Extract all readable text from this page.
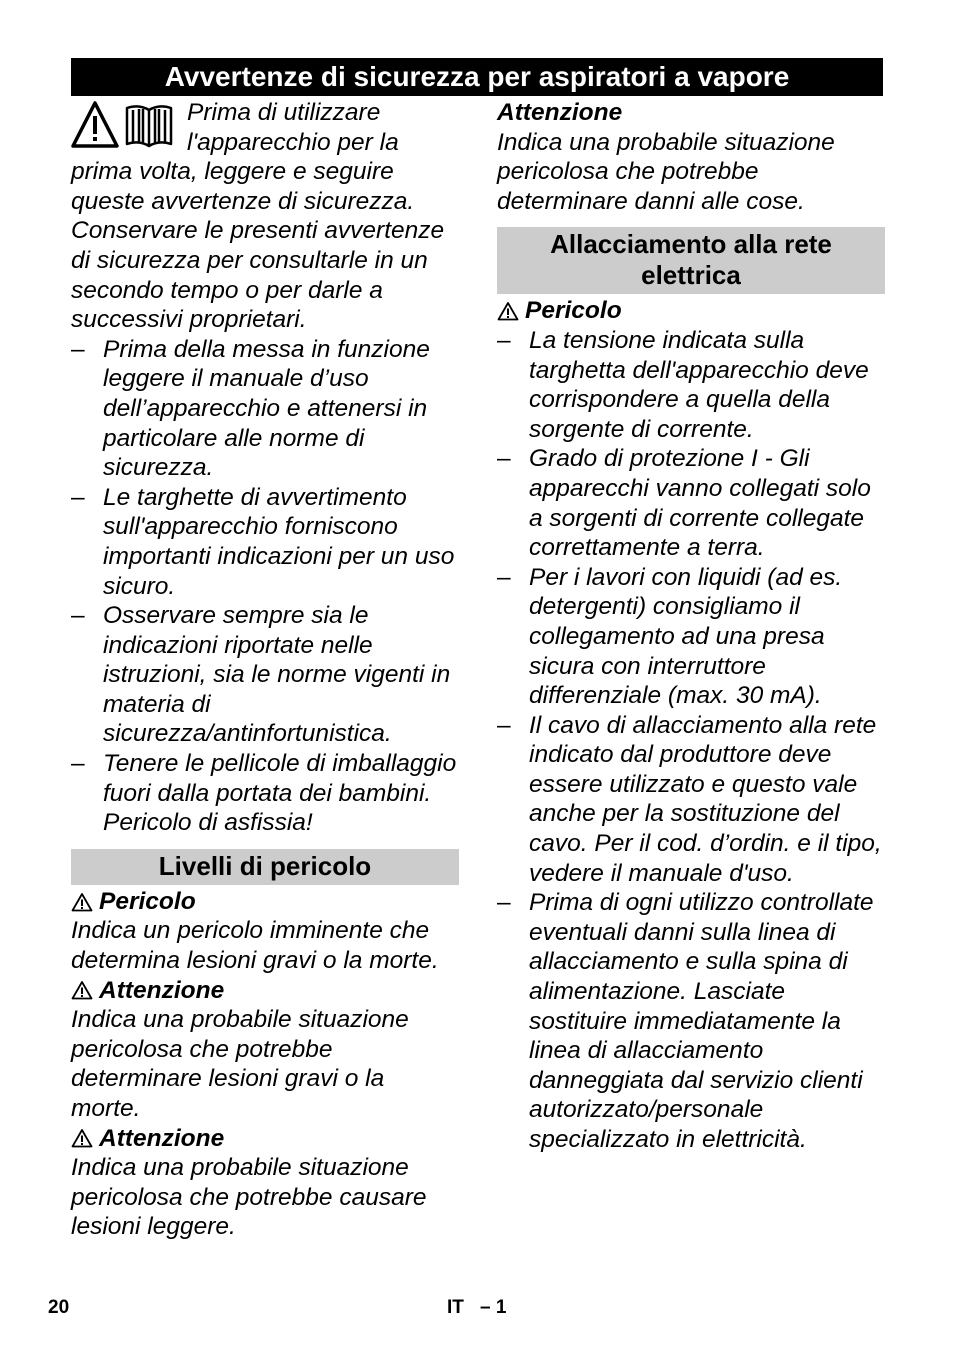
Avvertenze di sicurezza per aspiratori a vapore
Prima di utilizzare l'apparecchio per la prima volta, leggere e seguire queste avvertenze di sicurezza. Conservare le presenti avvertenze di sicurezza per consultarle in un secondo tempo o per darle a successivi proprietari.
– Prima della messa in funzione leggere il manuale d’uso dell’apparecchio e attenersi in particolare alle norme di sicurezza.
– Le targhette di avvertimento sull'apparecchio forniscono importanti indicazioni per un uso sicuro.
– Osservare sempre sia le indicazioni riportate nelle istruzioni, sia le norme vigenti in materia di sicurezza/antinfortunistica.
– Tenere le pellicole di imballaggio fuori dalla portata dei bambini. Pericolo di asfissia!
Livelli di pericolo
Pericolo

Indica un pericolo imminente che determina lesioni gravi o la morte.

Attenzione

Indica una probabile situazione pericolosa che potrebbe determinare lesioni gravi o la morte.

Attenzione

Indica una probabile situazione pericolosa che potrebbe causare lesioni leggere.

Attenzione

Indica una probabile situazione pericolosa che potrebbe determinare danni alle cose.

Allacciamento alla rete elettrica
Pericolo
– La tensione indicata sulla targhetta dell'apparecchio deve corrispondere a quella della sorgente di corrente.
– Grado di protezione I - Gli apparecchi vanno collegati solo a sorgenti di corrente collegate correttamente a terra.
– Per i lavori con liquidi (ad es. detergenti) consigliamo il collegamento ad una presa sicura con interruttore differenziale (max. 30 mA).
– Il cavo di allacciamento alla rete indicato dal produttore deve essere utilizzato e questo vale anche per la sostituzione del cavo. Per il cod. d’ordin. e il tipo, vedere il manuale d'uso.
– Prima di ogni utilizzo controllate eventuali danni sulla linea di allacciamento e sulla spina di alimentazione. Lasciate sostituire immediatamente la linea di allacciamento danneggiata dal servizio clienti autorizzato/personale specializzato in elettricità.
20	IT – 1
